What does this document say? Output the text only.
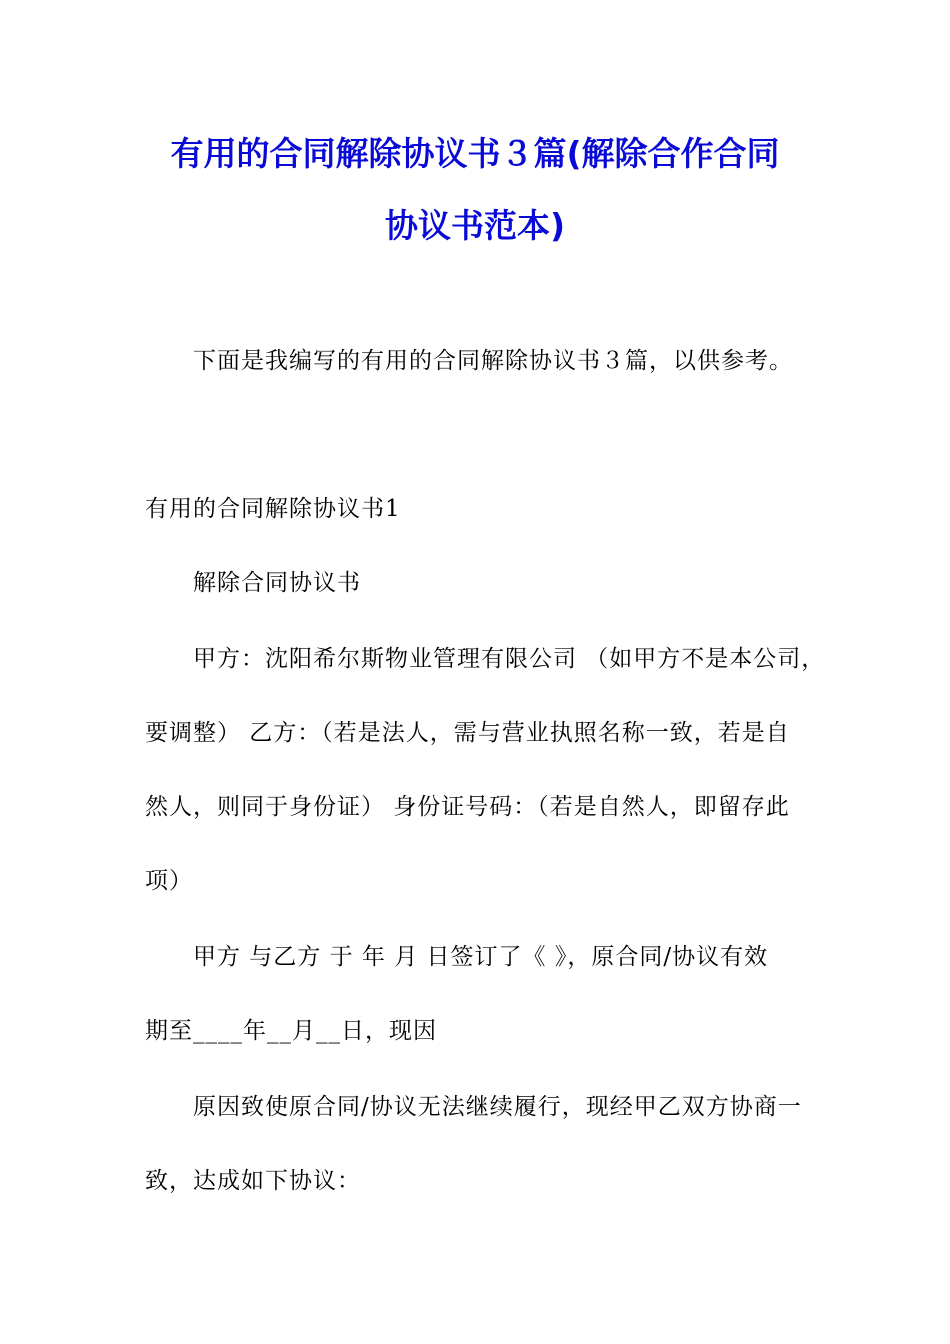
有用的合同解除协议书３篇(解除合作合同
协议书范本)
下面是我编写的有用的合同解除协议书３篇，以供参考。
有用的合同解除协议书1
解除合同协议书
甲方：沈阳希尔斯物业管理有限公司 （如甲方不是本公司，
要调整） 乙方：（若是法人，需与营业执照名称一致，若是自
然人，则同于身份证） 身份证号码：（若是自然人，即留存此
项）
甲方 与乙方 于 年 月 日签订了《 》，原合同/协议有效
期至____年__月__日，现因
原因致使原合同/协议无法继续履行，现经甲乙双方协商一
致，达成如下协议：
